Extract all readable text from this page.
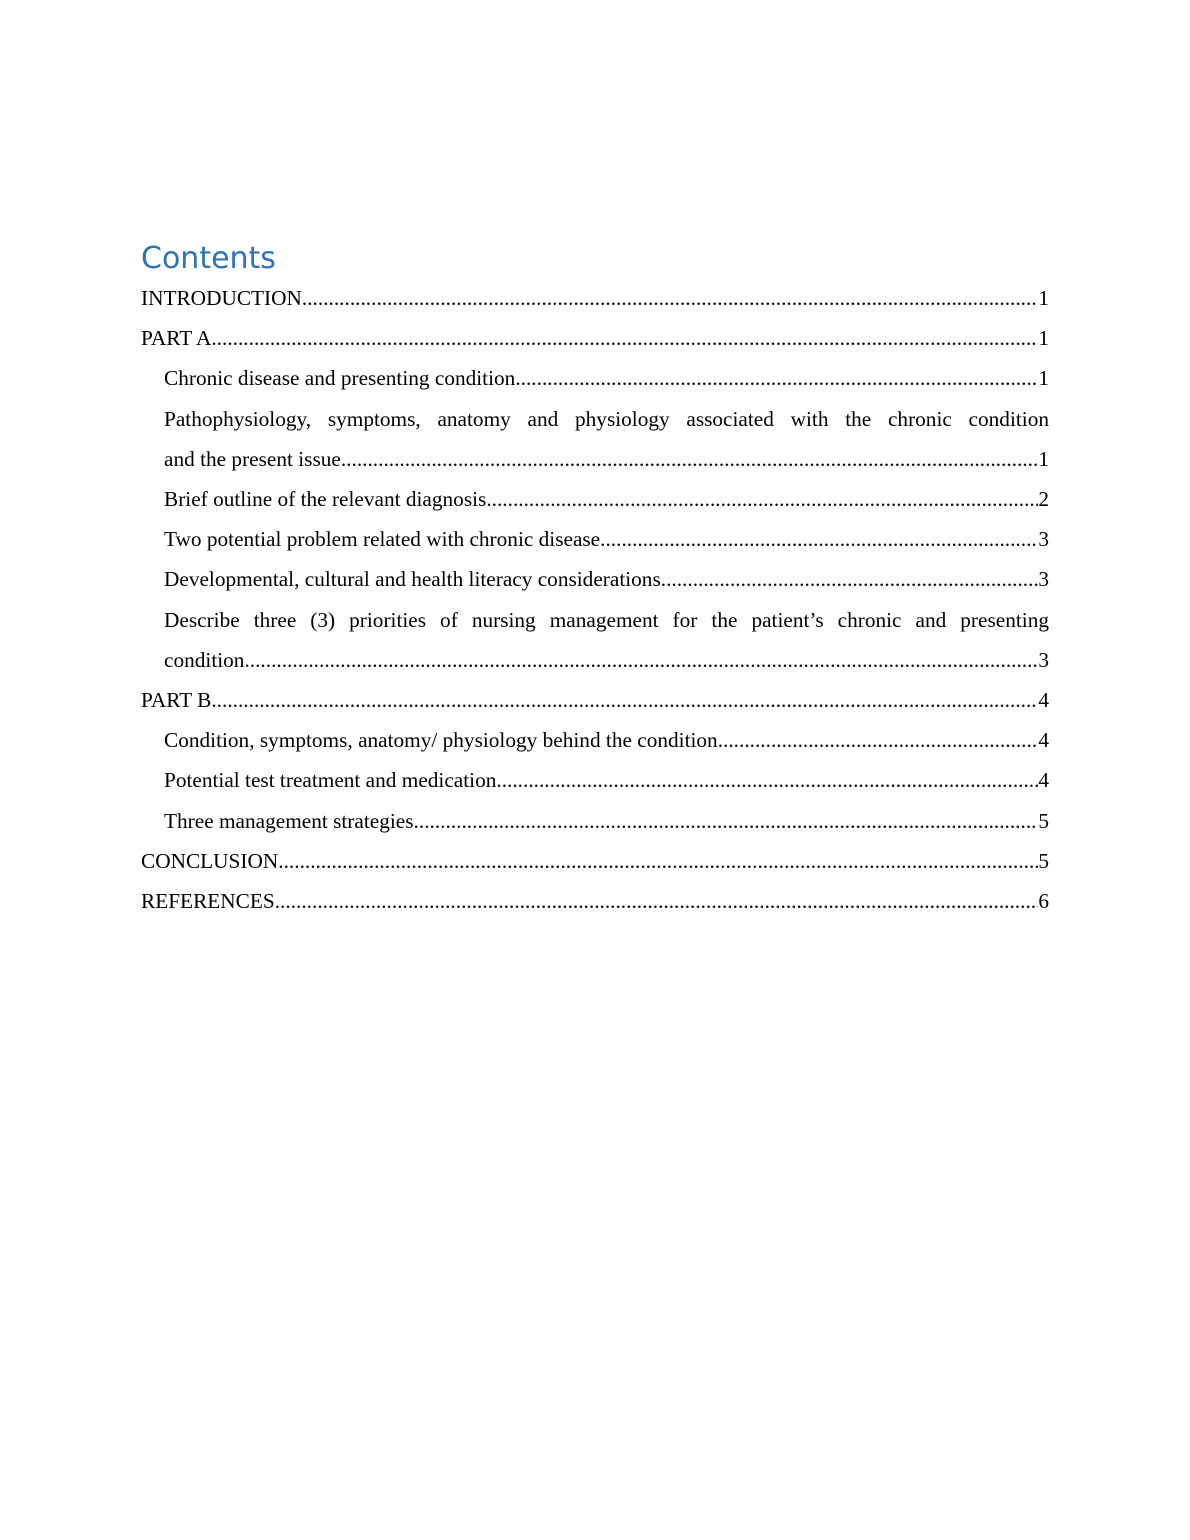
Contents
INTRODUCTION .....	1
PART A .....	1
Chronic disease and presenting condition .....	1
Pathophysiology, symptoms, anatomy and physiology associated with the chronic condition
and the present issue .....	1
Brief outline of the relevant diagnosis .....	2
Two potential problem related with chronic disease .....	3
Developmental, cultural and health literacy considerations .....	3
Describe three (3) priorities of nursing management for the patient’s chronic and presenting
condition .....	3
PART B .....	4
Condition, symptoms, anatomy/ physiology behind the condition .....	4
Potential test treatment and medication .....	4
Three management strategies .....	5
CONCLUSION .....	5
REFERENCES .....	6
